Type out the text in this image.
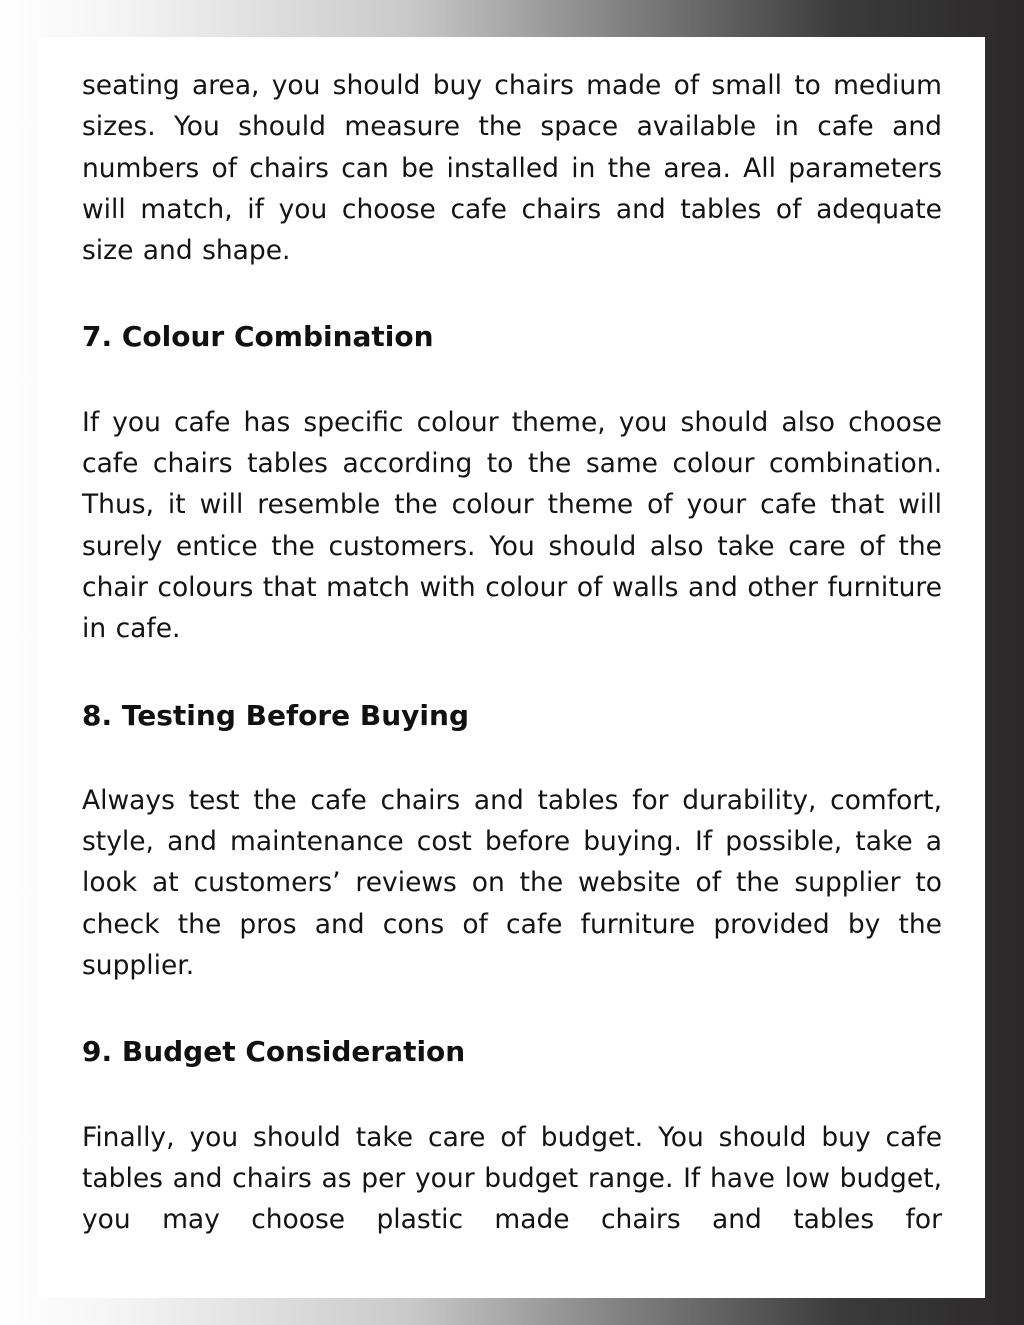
seating area, you should buy chairs made of small to medium sizes. You should measure the space available in cafe and numbers of chairs can be installed in the area. All parameters will match, if you choose cafe chairs and tables of adequate size and shape.

7. Colour Combination

If you cafe has specific colour theme, you should also choose cafe chairs tables according to the same colour combination. Thus, it will resemble the colour theme of your cafe that will surely entice the customers. You should also take care of the chair colours that match with colour of walls and other furniture in cafe.

8. Testing Before Buying

Always test the cafe chairs and tables for durability, comfort, style, and maintenance cost before buying. If possible, take a look at customers’ reviews on the website of the supplier to check the pros and cons of cafe furniture provided by the supplier.

9. Budget Consideration

Finally, you should take care of budget. You should buy cafe tables and chairs as per your budget range. If have low budget, you may choose plastic made chairs and tables for
